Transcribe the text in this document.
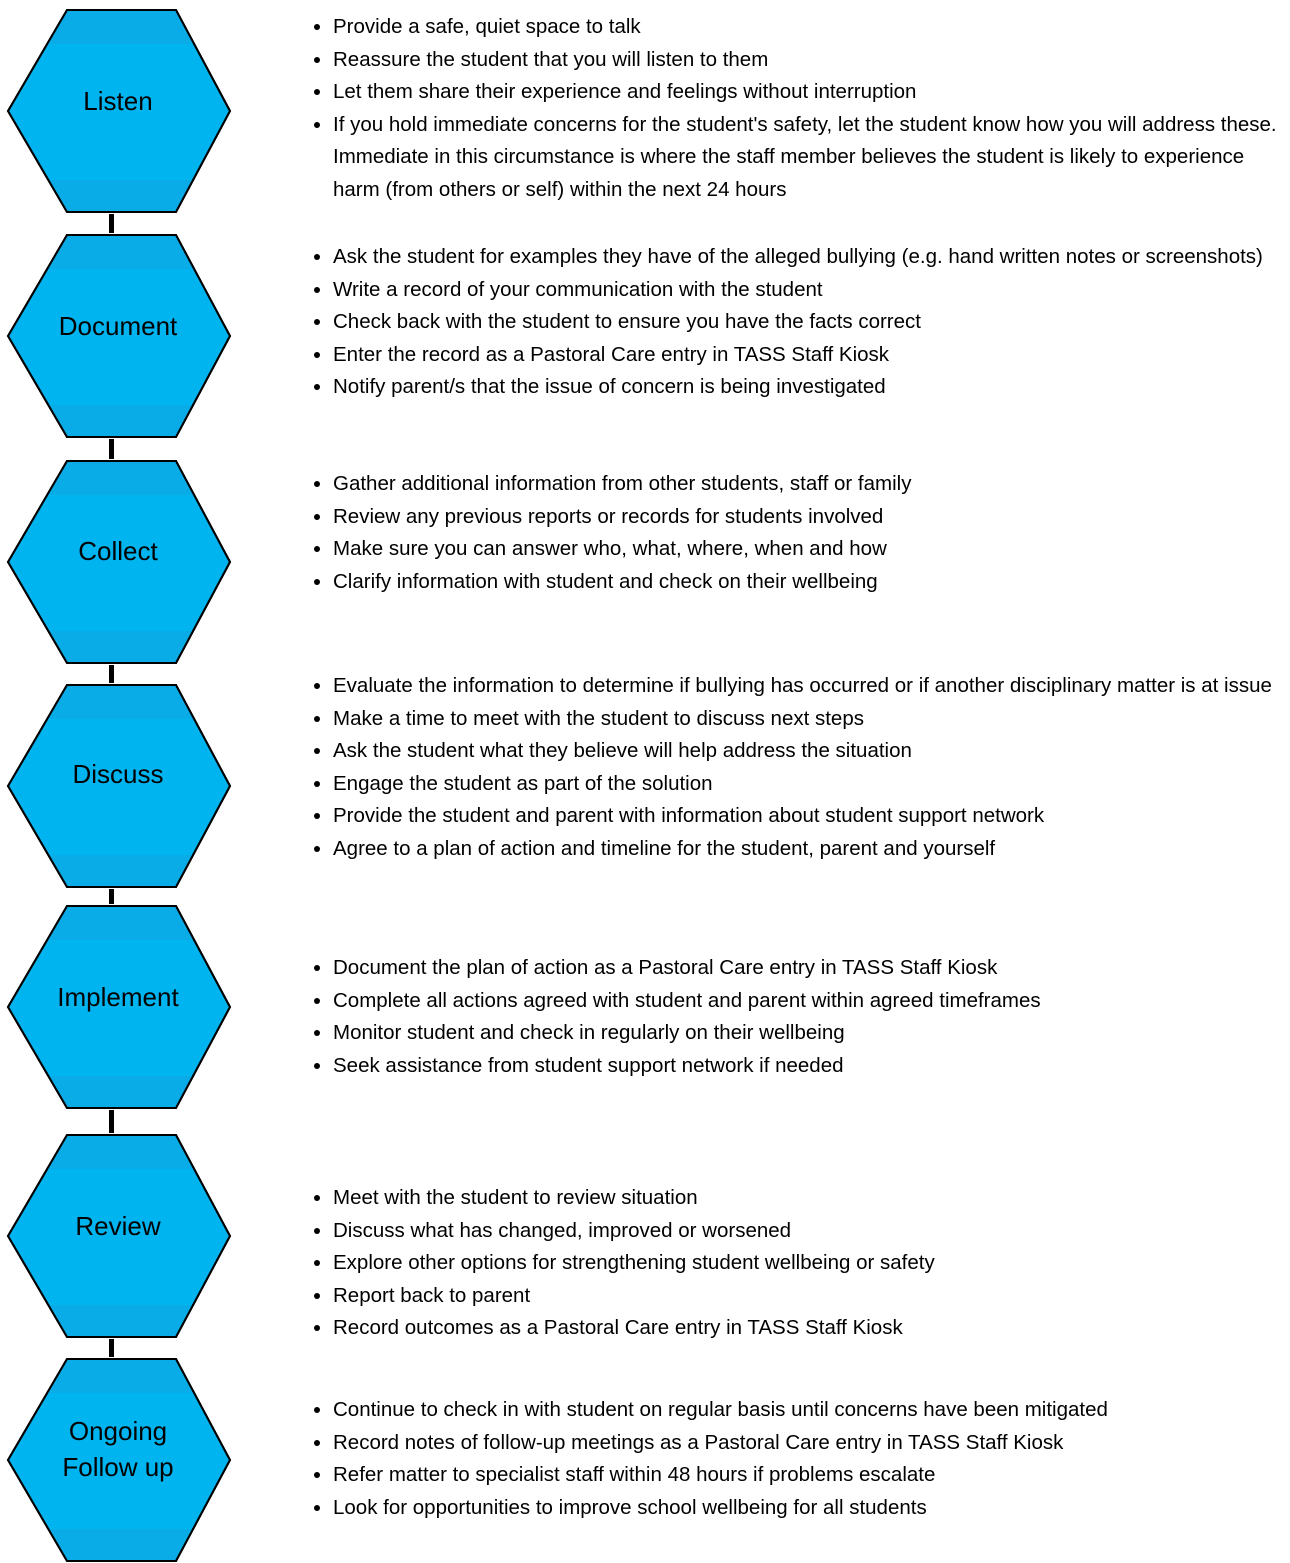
Listen
Document
Collect
Discuss
Implement
Review
Ongoing Follow up
• Provide a safe, quiet space to talk
• Reassure the student that you will listen to them
• Let them share their experience and feelings without interruption
• If you hold immediate concerns for the student's safety, let the student know how you will address these. Immediate in this circumstance is where the staff member believes the student is likely to experience harm (from others or self) within the next 24 hours
• Ask the student for examples they have of the alleged bullying (e.g. hand written notes or screenshots)
• Write a record of your communication with the student
• Check back with the student to ensure you have the facts correct
• Enter the record as a Pastoral Care entry in TASS Staff Kiosk
• Notify parent/s that the issue of concern is being investigated
• Gather additional information from other students, staff or family
• Review any previous reports or records for students involved
• Make sure you can answer who, what, where, when and how
• Clarify information with student and check on their wellbeing
• Evaluate the information to determine if bullying has occurred or if another disciplinary matter is at issue
• Make a time to meet with the student to discuss next steps
• Ask the student what they believe will help address the situation
• Engage the student as part of the solution
• Provide the student and parent with information about student support network
• Agree to a plan of action and timeline for the student, parent and yourself
• Document the plan of action as a Pastoral Care entry in TASS Staff Kiosk
• Complete all actions agreed with student and parent within agreed timeframes
• Monitor student and check in regularly on their wellbeing
• Seek assistance from student support network if needed
• Meet with the student to review situation
• Discuss what has changed, improved or worsened
• Explore other options for strengthening student wellbeing or safety
• Report back to parent
• Record outcomes as a Pastoral Care entry in TASS Staff Kiosk
• Continue to check in with student on regular basis until concerns have been mitigated
• Record notes of follow-up meetings as a Pastoral Care entry in TASS Staff Kiosk
• Refer matter to specialist staff within 48 hours if problems escalate
• Look for opportunities to improve school wellbeing for all students
